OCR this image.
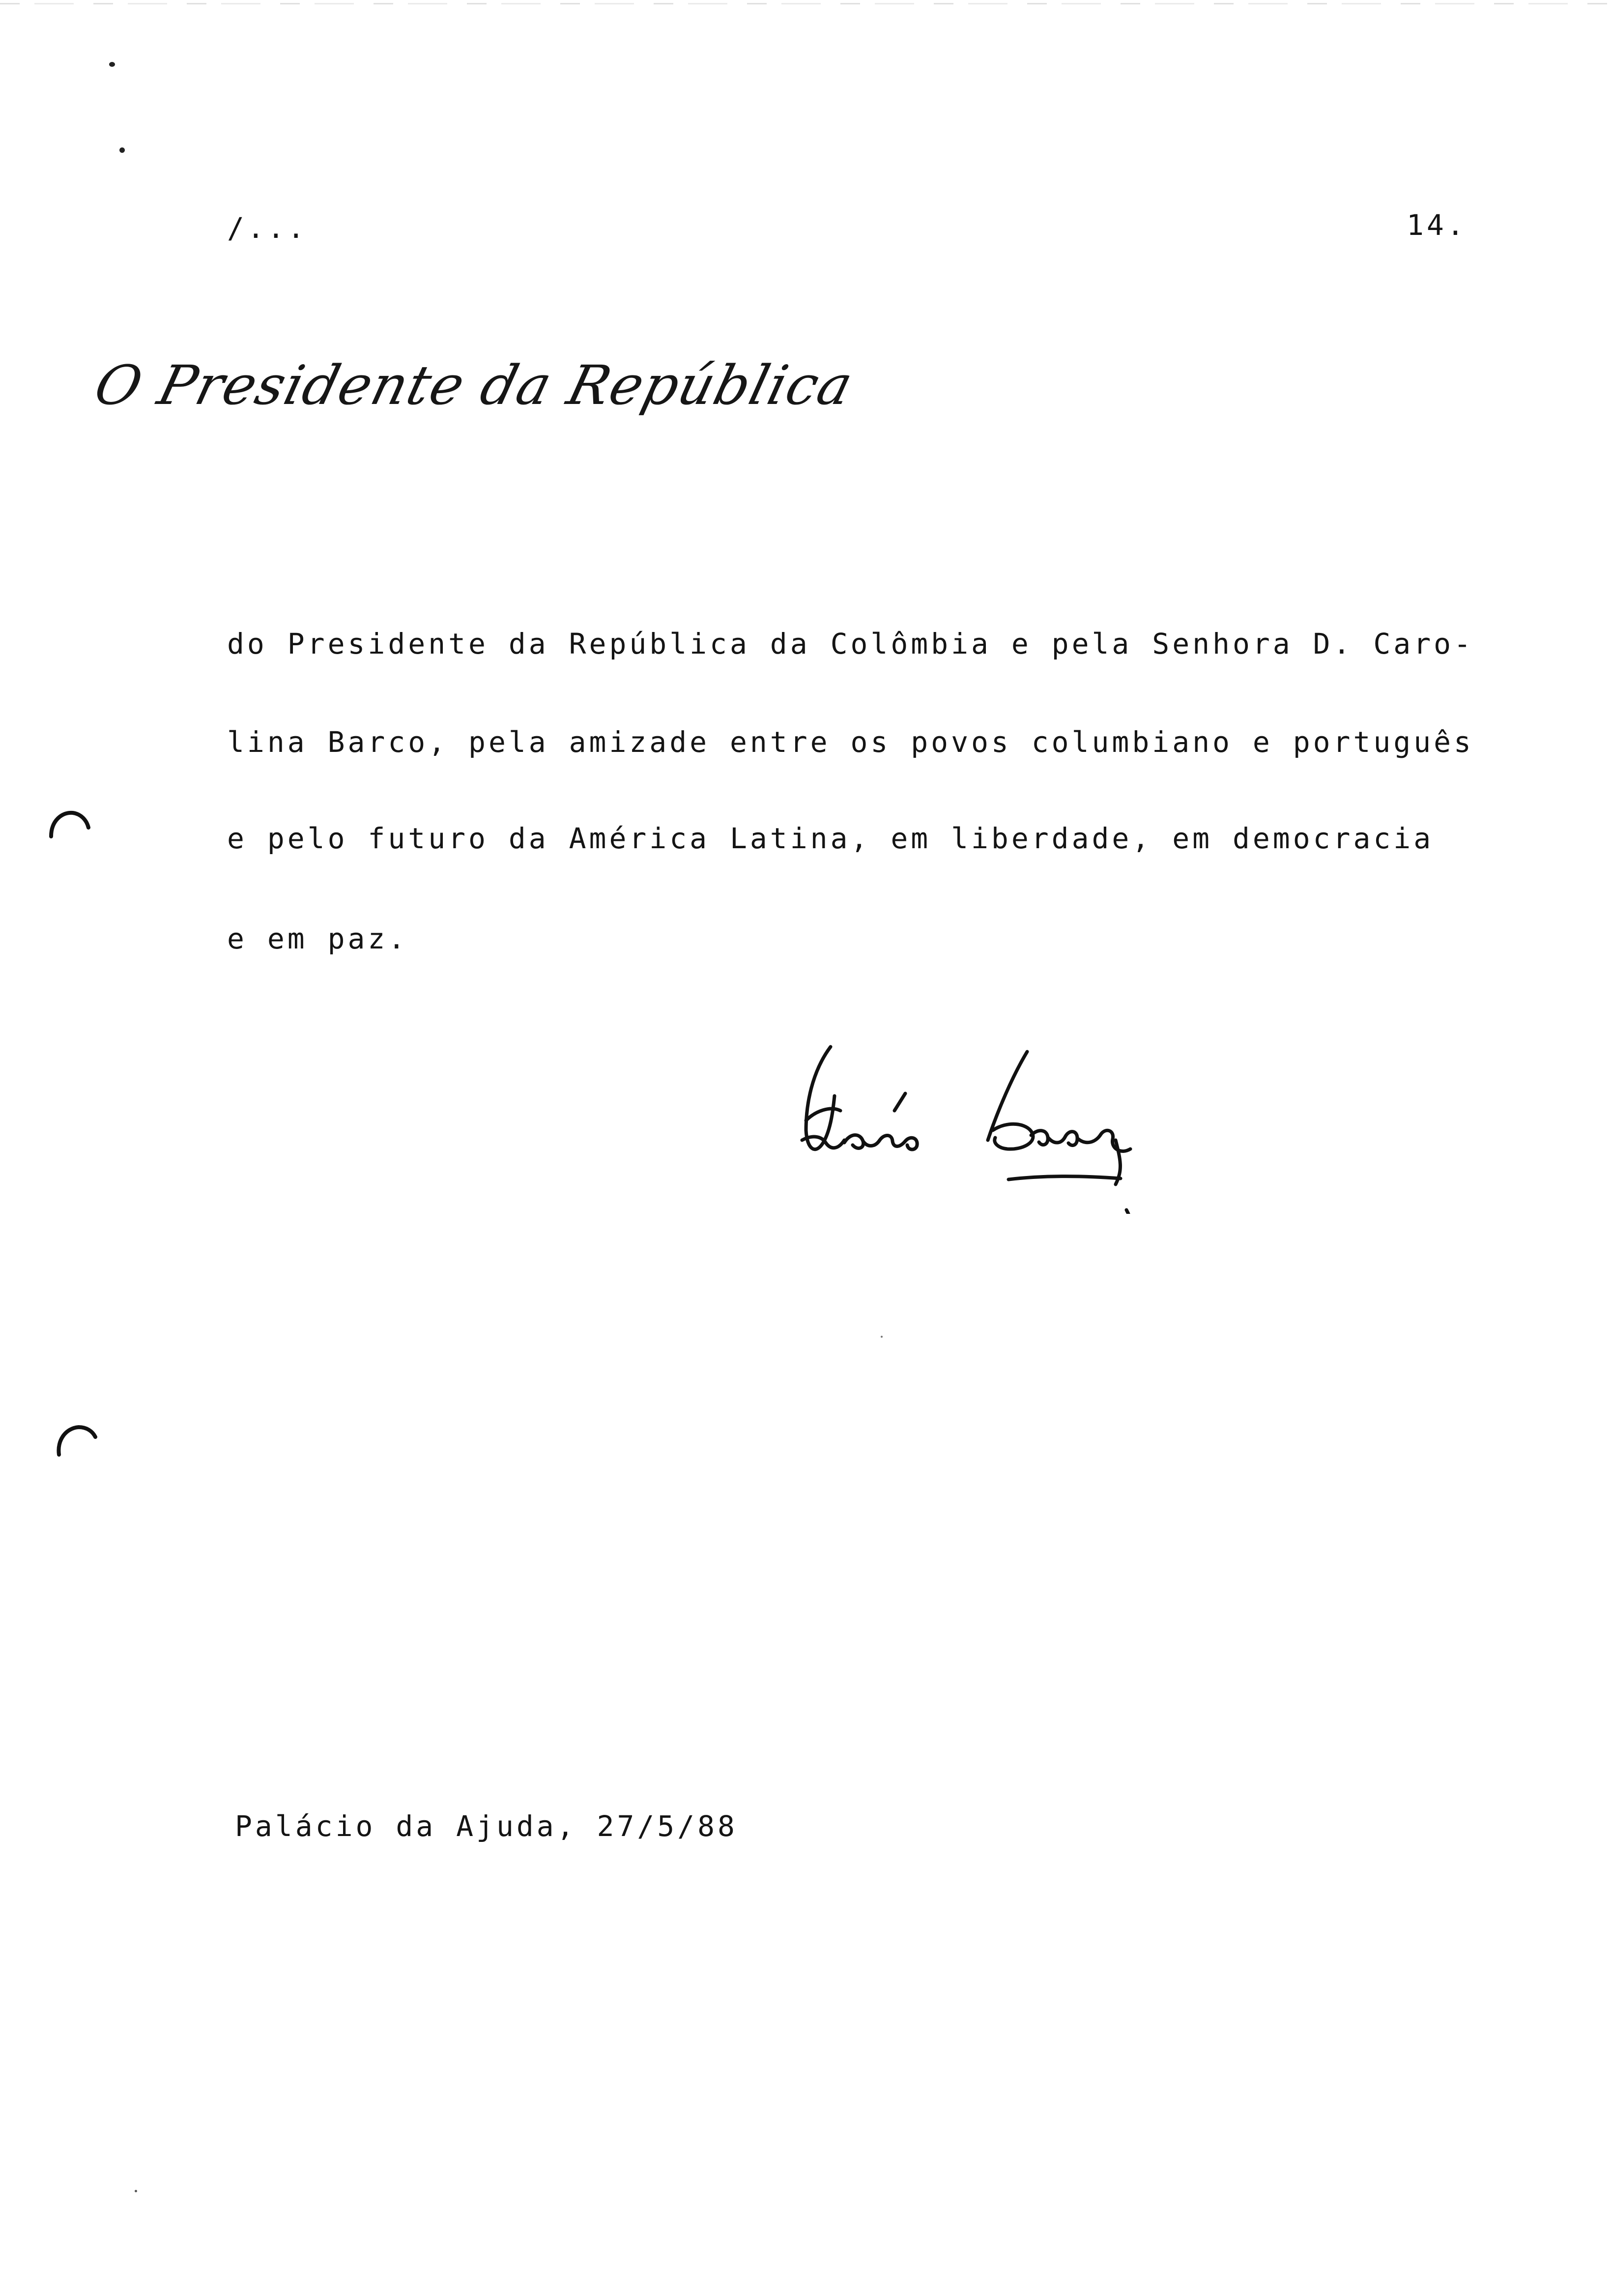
/...	14.
O Presidente da República
do Presidente da República da Colômbia e pela Senhora D. Caro-
lina Barco, pela amizade entre os povos columbiano e português
e pelo futuro da América Latina, em liberdade, em democracia
e em paz.
Palácio da Ajuda, 27/5/88
